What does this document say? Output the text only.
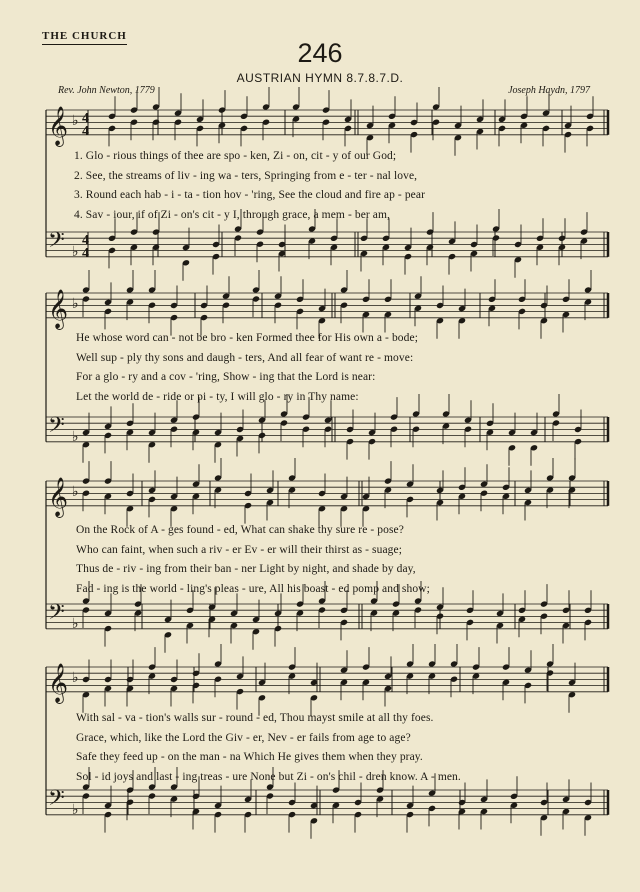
THE CHURCH
246
AUSTRIAN HYMN 8.7.8.7.D.
Rev. John Newton, 1779	Joseph Haydn, 1797
𝄞 ♭ 4
4
𝄢 ♭
4
4
𝄞 ♭
𝄢 ♭
𝄞 ♭
𝄢 ♭
𝄞 ♭
𝄢 ♭
1. Glo - rious things of thee are spo - ken, Zi - on, cit - y of our God;
2. See, the streams of liv - ing wa - ters, Springing from e - ter - nal love,
3. Round each hab - i - ta - tion hov - 'ring, See the cloud and fire ap - pear
4. Sav - iour, if of Zi - on's cit - y I, through grace, a mem - ber am,
He whose word can - not be bro - ken Formed thee for His own a - bode;
Well sup - ply thy sons and daugh - ters, And all fear of want re - move:
For a glo - ry and a cov - 'ring, Show - ing that the Lord is near:
Let the world de - ride or pi - ty, I will glo - ry in Thy name:
On the Rock of A - ges found - ed, What can shake thy sure re - pose?
Who can faint, when such a riv - er Ev - er will their thirst as - suage;
Thus de - riv - ing from their ban - ner Light by night, and shade by day,
Fad - ing is the world - ling's pleas - ure, All his boast - ed pomp and show;
With sal - va - tion's walls sur - round - ed, Thou mayst smile at all thy foes.
Grace, which, like the Lord the Giv - er, Nev - er fails from age to age?
Safe they feed up - on the man - na Which He gives them when they pray.
Sol - id joys and last - ing treas - ure None but Zi - on's chil - dren know. A - men.
